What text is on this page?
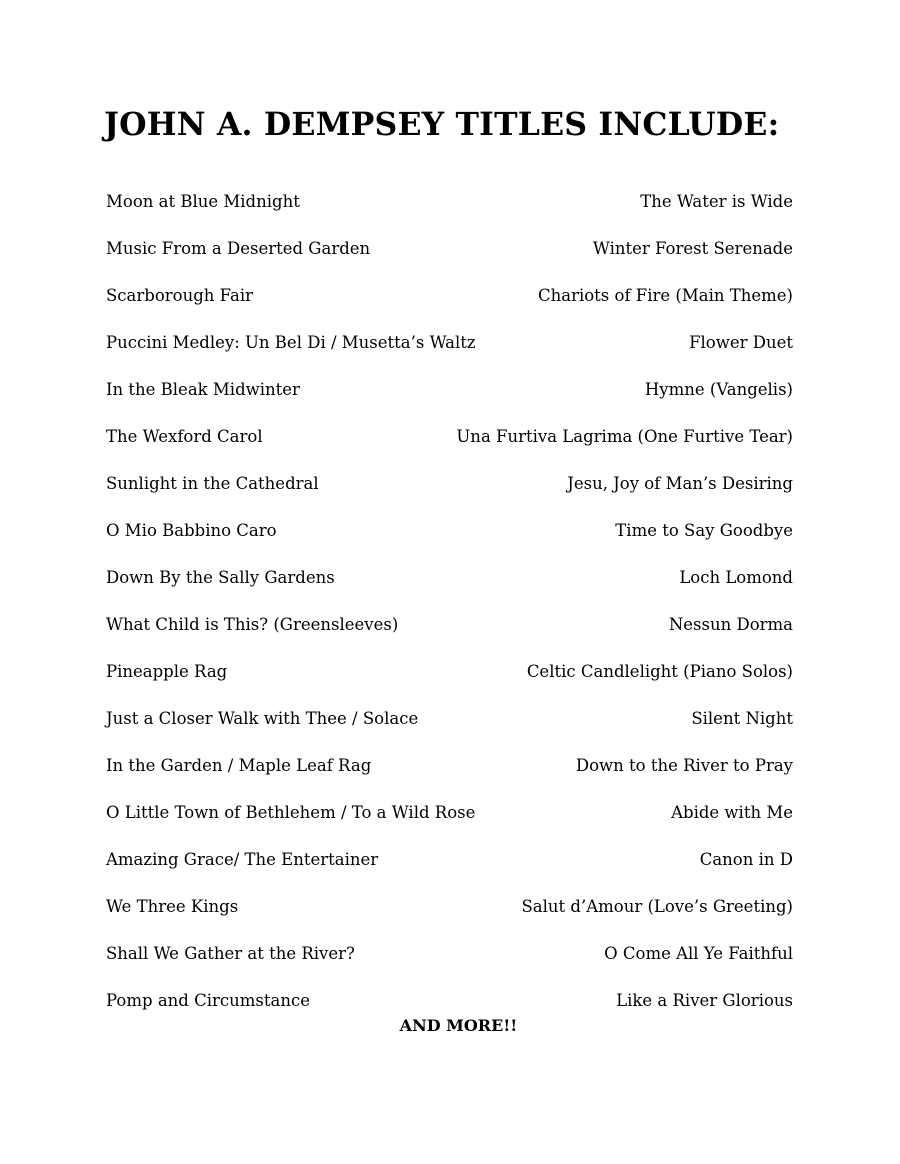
JOHN A. DEMPSEY TITLES INCLUDE:
Moon at Blue Midnight	The Water is Wide
Music From a Deserted Garden	Winter Forest Serenade
Scarborough Fair	Chariots of Fire (Main Theme)
Puccini Medley: Un Bel Di / Musetta’s Waltz	Flower Duet
In the Bleak Midwinter	Hymne (Vangelis)
The Wexford Carol	Una Furtiva Lagrima (One Furtive Tear)
Sunlight in the Cathedral	Jesu, Joy of Man’s Desiring
O Mio Babbino Caro	Time to Say Goodbye
Down By the Sally Gardens	Loch Lomond
What Child is This? (Greensleeves)	Nessun Dorma
Pineapple Rag	Celtic Candlelight (Piano Solos)
Just a Closer Walk with Thee / Solace	Silent Night
In the Garden / Maple Leaf Rag	Down to the River to Pray
O Little Town of Bethlehem / To a Wild Rose	Abide with Me
Amazing Grace/ The Entertainer	Canon in D
We Three Kings	Salut d’Amour (Love’s Greeting)
Shall We Gather at the River?	O Come All Ye Faithful
Pomp and Circumstance	Like a River Glorious
AND MORE!!
